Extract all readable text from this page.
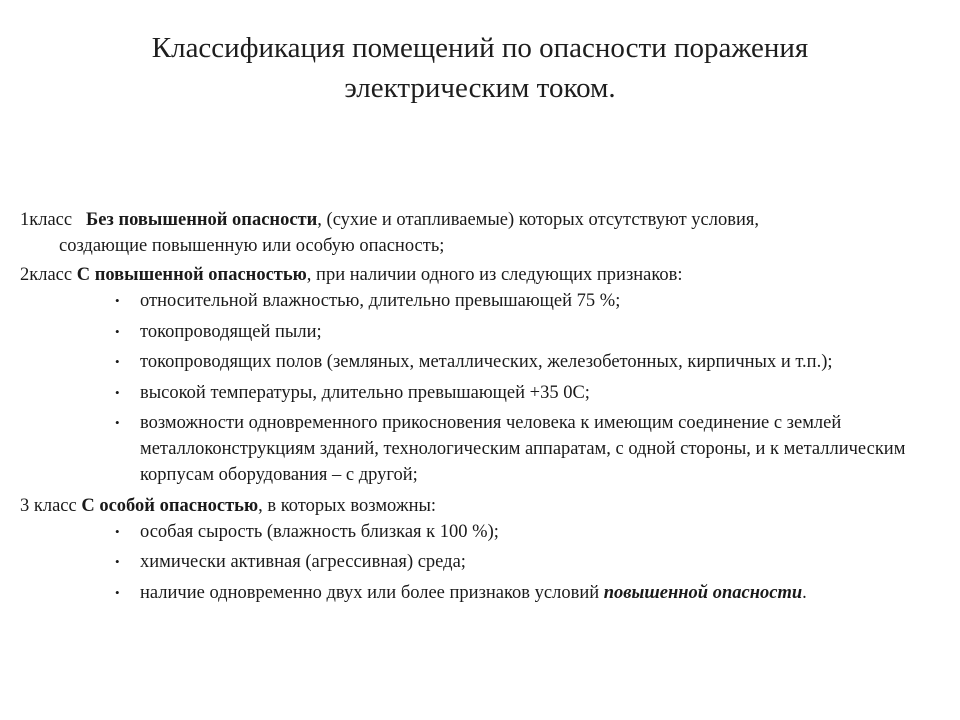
Классификация помещений по опасности поражения
электрическим током.

1класс   Без повышенной опасности, (сухие и отапливаемые) которых отсутствуют условия,
создающие повышенную или особую опасность;

2класс С повышенной опасностью, при наличии одного из следующих признаков:

•
относительной влажностью, длительно превышающей 75 %;
•
токопроводящей пыли;
•
токопроводящих полов (земляных, металлических, железобетонных, кирпичных и т.п.);
•
высокой температуры, длительно превышающей +35 0С;
•
возможности одновременного прикосновения человека к имеющим соединение с землей металлоконструкциям зданий, технологическим аппаратам, с одной стороны, и к металлическим корпусам оборудования – с другой;

3 класс С особой опасностью, в которых возможны:

•
особая сырость (влажность близкая к 100 %);
•
химически активная (агрессивная) среда;
•
наличие одновременно двух или более признаков условий повышенной опасности.
